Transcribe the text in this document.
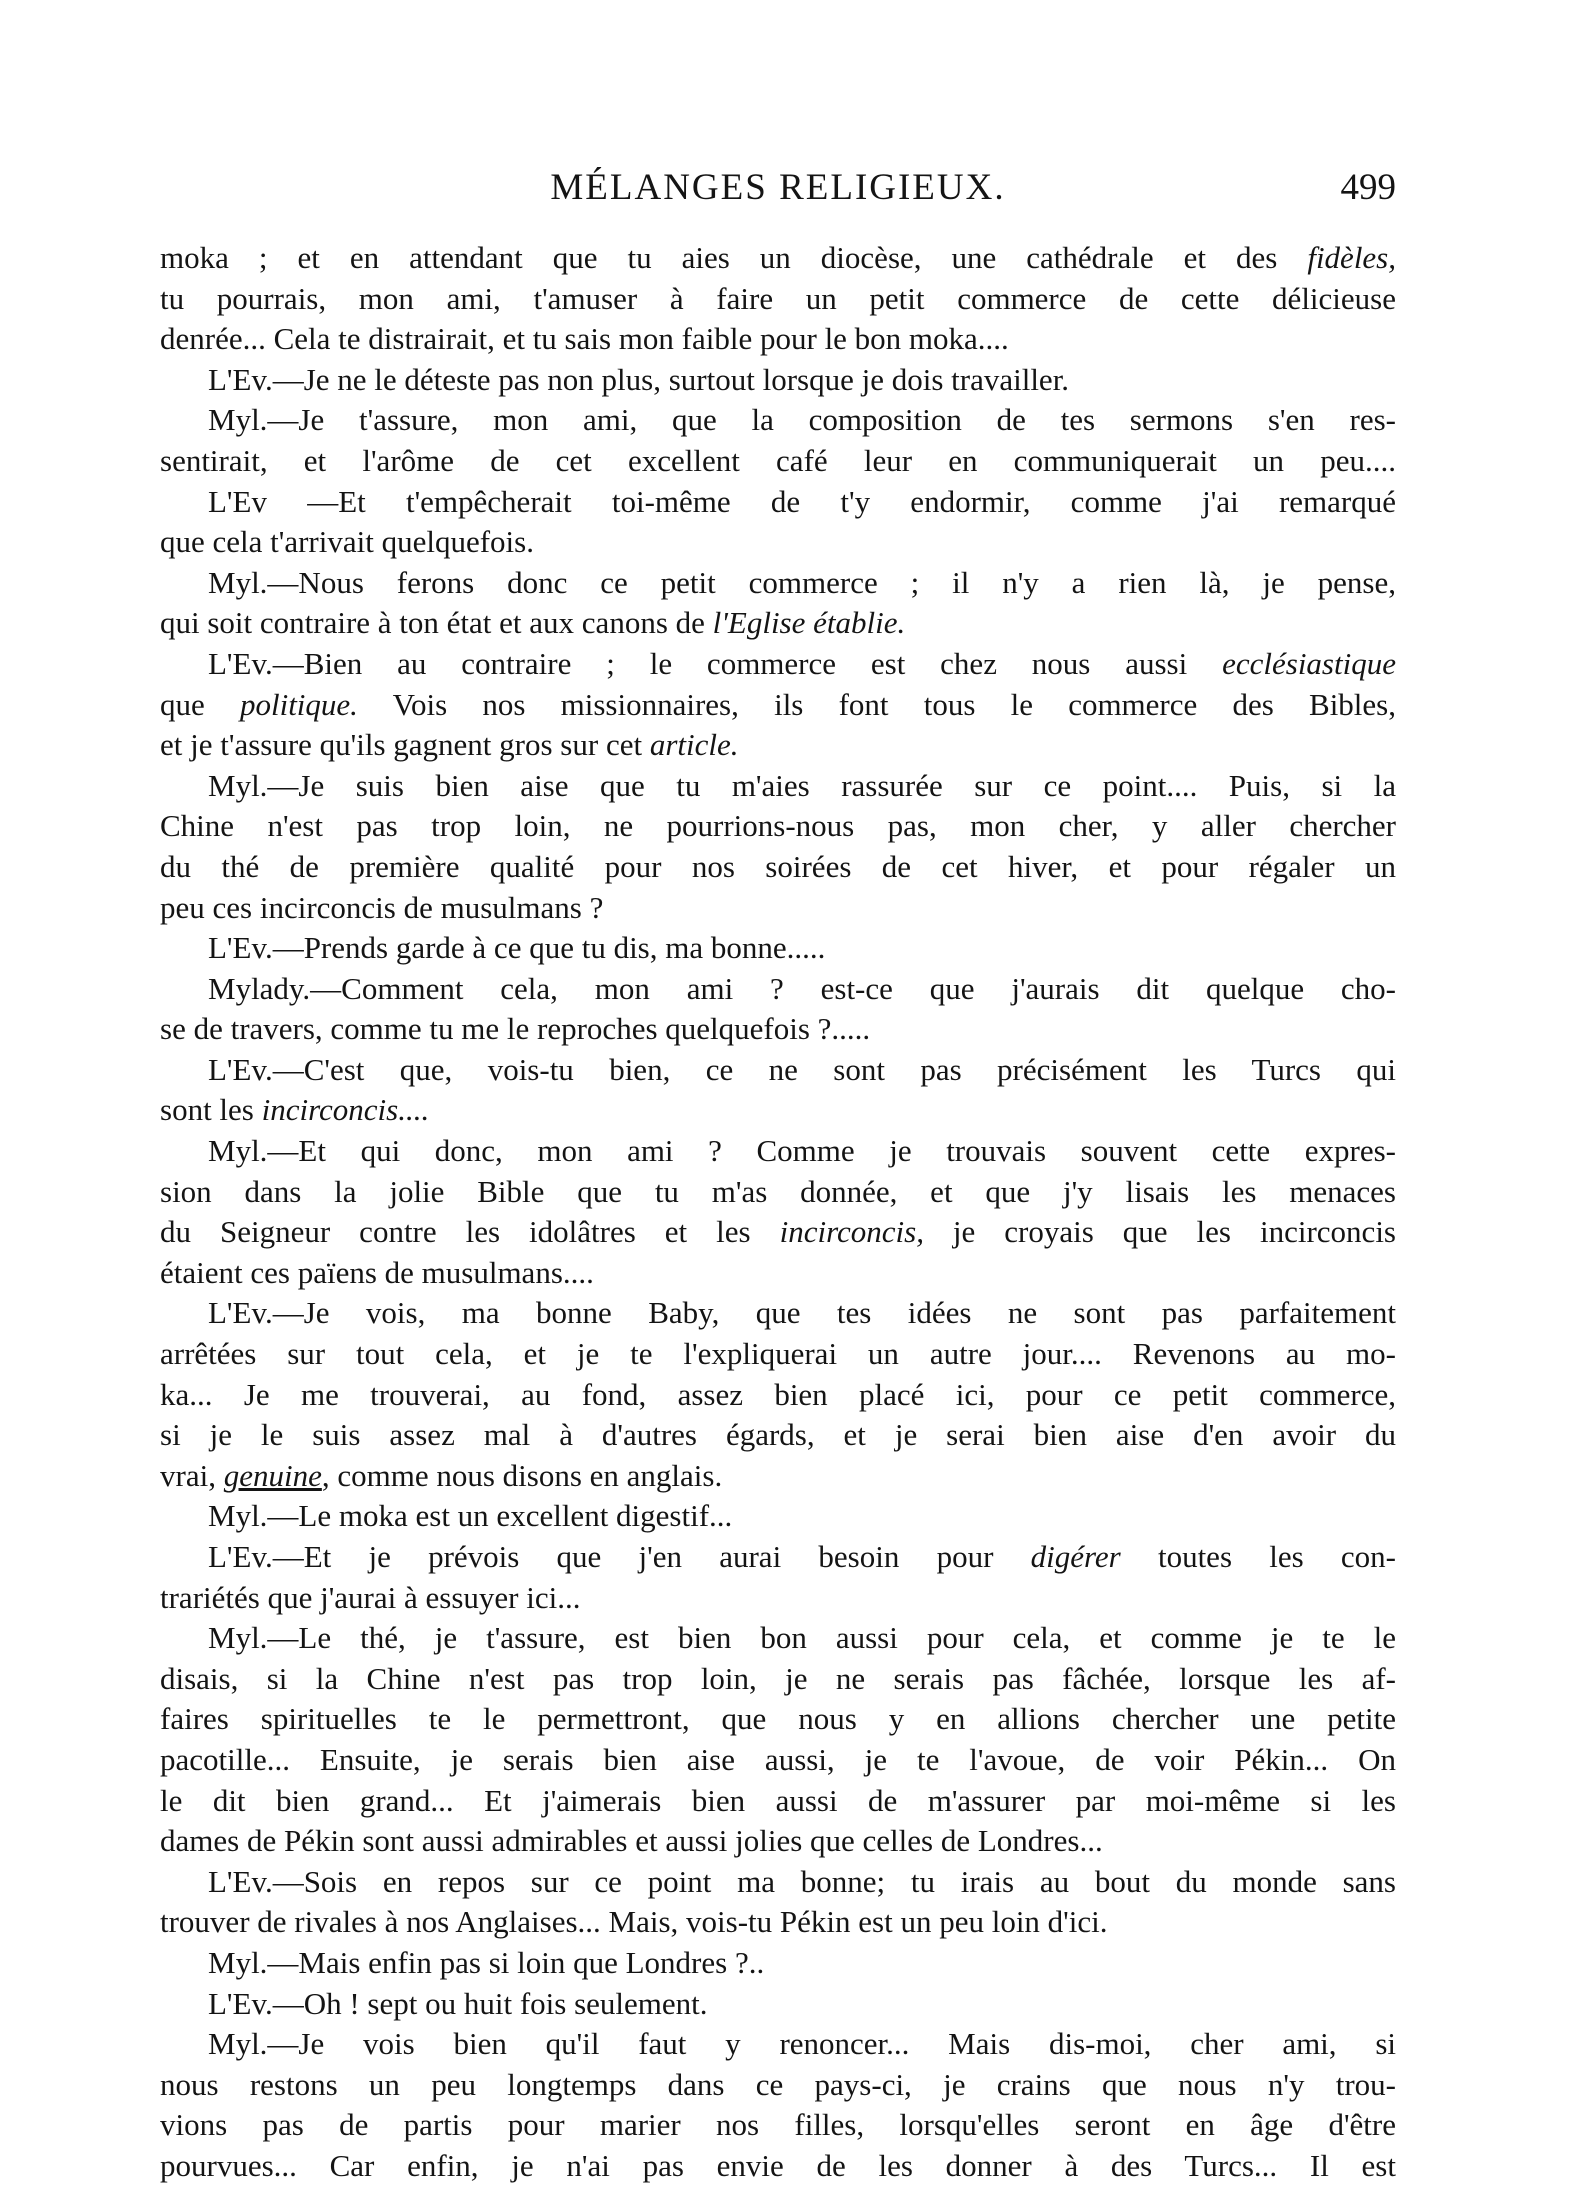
MÉLANGES RELIGIEUX.	499
moka ; et en attendant que tu aies un diocèse, une cathédrale et des fidèles,
tu pourrais, mon ami, t'amuser à faire un petit commerce de cette délicieuse
denrée... Cela te distrairait, et tu sais mon faible pour le bon moka....
L'Ev.—Je ne le déteste pas non plus, surtout lorsque je dois travailler.
Myl.—Je t'assure, mon ami, que la composition de tes sermons s'en res-
sentirait, et l'arôme de cet excellent café leur en communiquerait un peu....
L'Ev —Et t'empêcherait toi-même de t'y endormir, comme j'ai remarqué
que cela t'arrivait quelquefois.
Myl.—Nous ferons donc ce petit commerce ; il n'y a rien là, je pense,
qui soit contraire à ton état et aux canons de l'Eglise établie.
L'Ev.—Bien au contraire ; le commerce est chez nous aussi ecclésiastique
que politique. Vois nos missionnaires, ils font tous le commerce des Bibles,
et je t'assure qu'ils gagnent gros sur cet article.
Myl.—Je suis bien aise que tu m'aies rassurée sur ce point.... Puis, si la
Chine n'est pas trop loin, ne pourrions-nous pas, mon cher, y aller chercher
du thé de première qualité pour nos soirées de cet hiver, et pour régaler un
peu ces incirconcis de musulmans ?
L'Ev.—Prends garde à ce que tu dis, ma bonne.....
Mylady.—Comment cela, mon ami ? est-ce que j'aurais dit quelque cho-
se de travers, comme tu me le reproches quelquefois ?.....
L'Ev.—C'est que, vois-tu bien, ce ne sont pas précisément les Turcs qui
sont les incirconcis....
Myl.—Et qui donc, mon ami ? Comme je trouvais souvent cette expres-
sion dans la jolie Bible que tu m'as donnée, et que j'y lisais les menaces
du Seigneur contre les idolâtres et les incirconcis, je croyais que les incirconcis
étaient ces païens de musulmans....
L'Ev.—Je vois, ma bonne Baby, que tes idées ne sont pas parfaitement
arrêtées sur tout cela, et je te l'expliquerai un autre jour.... Revenons au mo-
ka... Je me trouverai, au fond, assez bien placé ici, pour ce petit commerce,
si je le suis assez mal à d'autres égards, et je serai bien aise d'en avoir du
vrai, genuine, comme nous disons en anglais.
Myl.—Le moka est un excellent digestif...
L'Ev.—Et je prévois que j'en aurai besoin pour digérer toutes les con-
trariétés que j'aurai à essuyer ici...
Myl.—Le thé, je t'assure, est bien bon aussi pour cela, et comme je te le
disais, si la Chine n'est pas trop loin, je ne serais pas fâchée, lorsque les af-
faires spirituelles te le permettront, que nous y en allions chercher une petite
pacotille... Ensuite, je serais bien aise aussi, je te l'avoue, de voir Pékin... On
le dit bien grand... Et j'aimerais bien aussi de m'assurer par moi-même si les
dames de Pékin sont aussi admirables et aussi jolies que celles de Londres...
L'Ev.—Sois en repos sur ce point ma bonne; tu irais au bout du monde sans
trouver de rivales à nos Anglaises... Mais, vois-tu Pékin est un peu loin d'ici.
Myl.—Mais enfin pas si loin que Londres ?..
L'Ev.—Oh ! sept ou huit fois seulement.
Myl.—Je vois bien qu'il faut y renoncer... Mais dis-moi, cher ami, si
nous restons un peu longtemps dans ce pays-ci, je crains que nous n'y trou-
vions pas de partis pour marier nos filles, lorsqu'elles seront en âge d'être
pourvues... Car enfin, je n'ai pas envie de les donner à des Turcs... Il est
